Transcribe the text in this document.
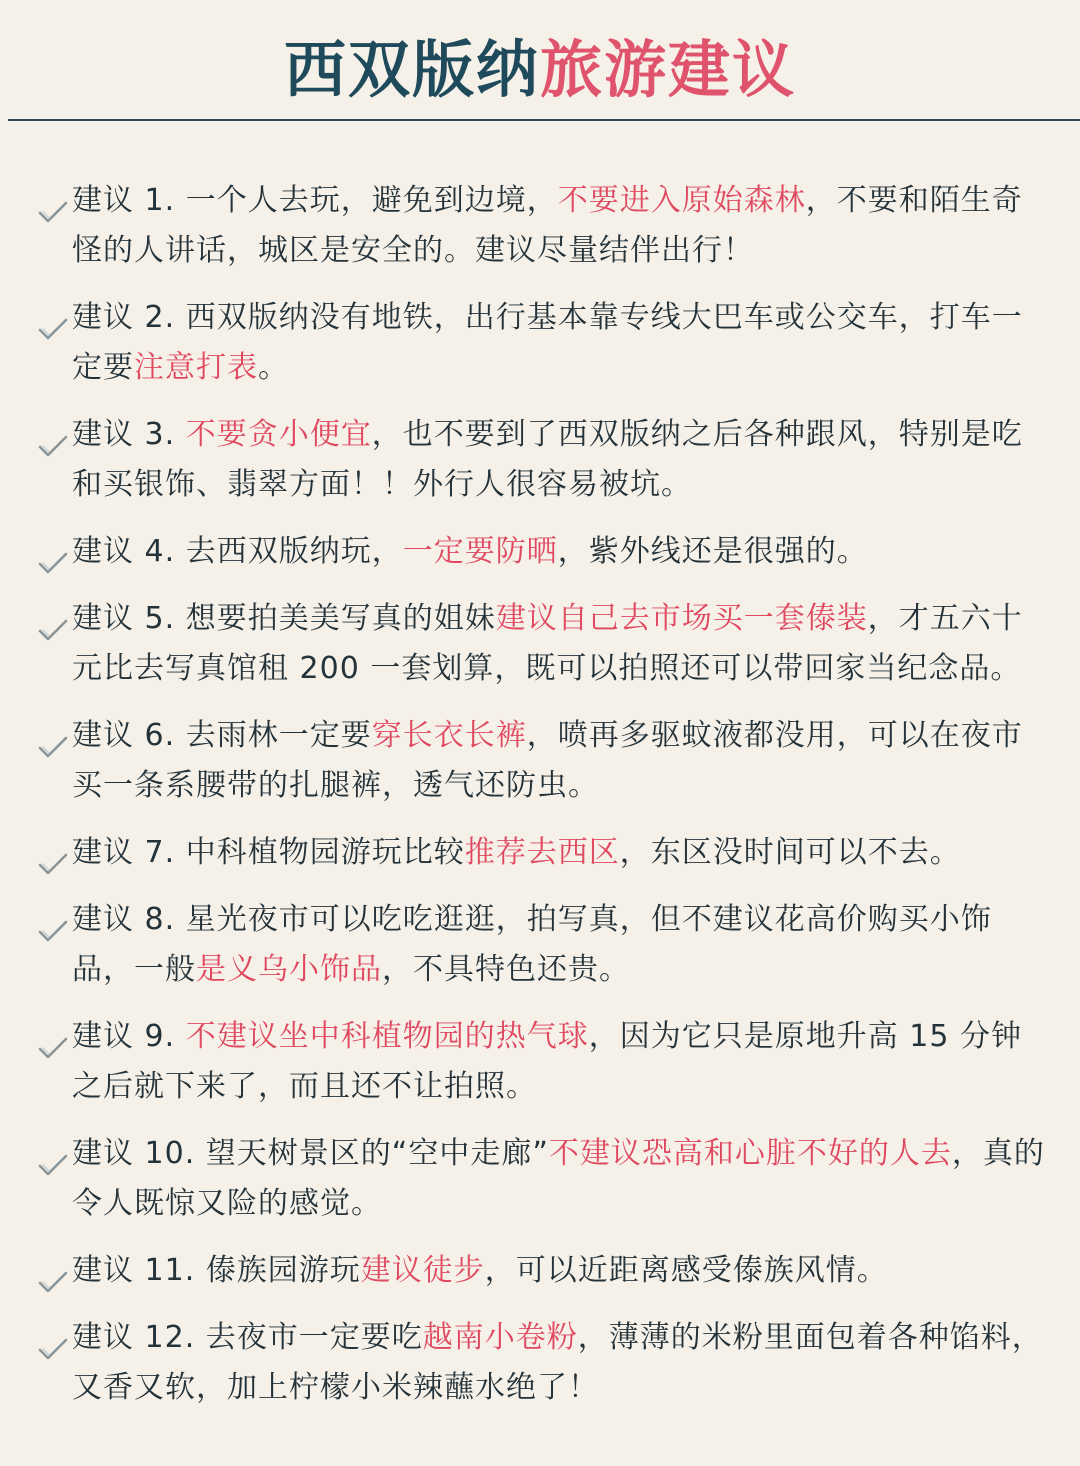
西双版纳旅游建议
建议 1. 一个人去玩，避免到边境，不要进入原始森林，不要和陌生奇怪的人讲话，城区是安全的。建议尽量结伴出行！
建议 2. 西双版纳没有地铁，出行基本靠专线大巴车或公交车，打车一定要注意打表。
建议 3. 不要贪小便宜，也不要到了西双版纳之后各种跟风，特别是吃和买银饰、翡翠方面！！外行人很容易被坑。
建议 4. 去西双版纳玩，一定要防晒，紫外线还是很强的。
建议 5. 想要拍美美写真的姐妹建议自己去市场买一套傣装，才五六十元比去写真馆租 200 一套划算，既可以拍照还可以带回家当纪念品。
建议 6. 去雨林一定要穿长衣长裤，喷再多驱蚊液都没用，可以在夜市买一条系腰带的扎腿裤，透气还防虫。
建议 7. 中科植物园游玩比较推荐去西区，东区没时间可以不去。
建议 8. 星光夜市可以吃吃逛逛，拍写真，但不建议花高价购买小饰品，一般是义乌小饰品，不具特色还贵。
建议 9. 不建议坐中科植物园的热气球，因为它只是原地升高 15 分钟之后就下来了，而且还不让拍照。
建议 10. 望天树景区的“空中走廊”不建议恐高和心脏不好的人去，真的令人既惊又险的感觉。
建议 11. 傣族园游玩建议徒步，可以近距离感受傣族风情。
建议 12. 去夜市一定要吃越南小卷粉，薄薄的米粉里面包着各种馅料，又香又软，加上柠檬小米辣蘸水绝了！
